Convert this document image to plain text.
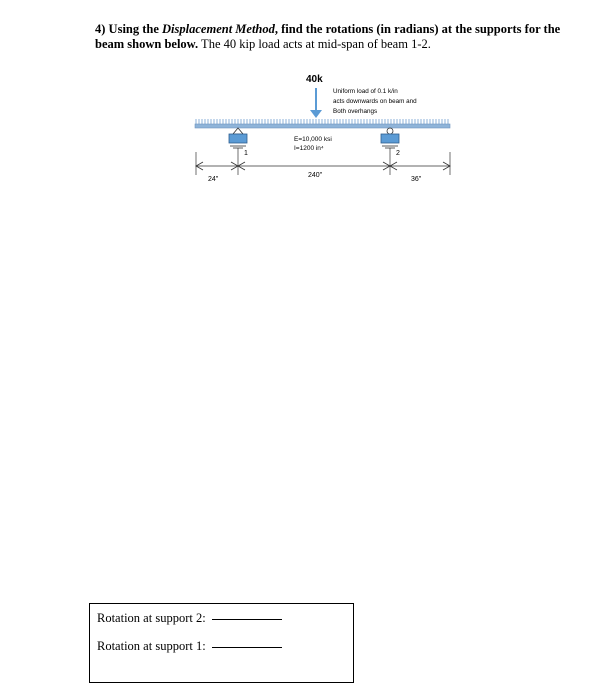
4) Using the Displacement Method, find the rotations (in radians) at the supports for the beam shown below. The 40 kip load acts at mid-span of beam 1-2.
40k
Uniform load of 0.1 k/in
acts downwards on beam and
Both overhangs
1	2
E=10,000 ksi
I=1200 in⁴
24"
240"
36"
Rotation at support 2:
Rotation at support 1:
